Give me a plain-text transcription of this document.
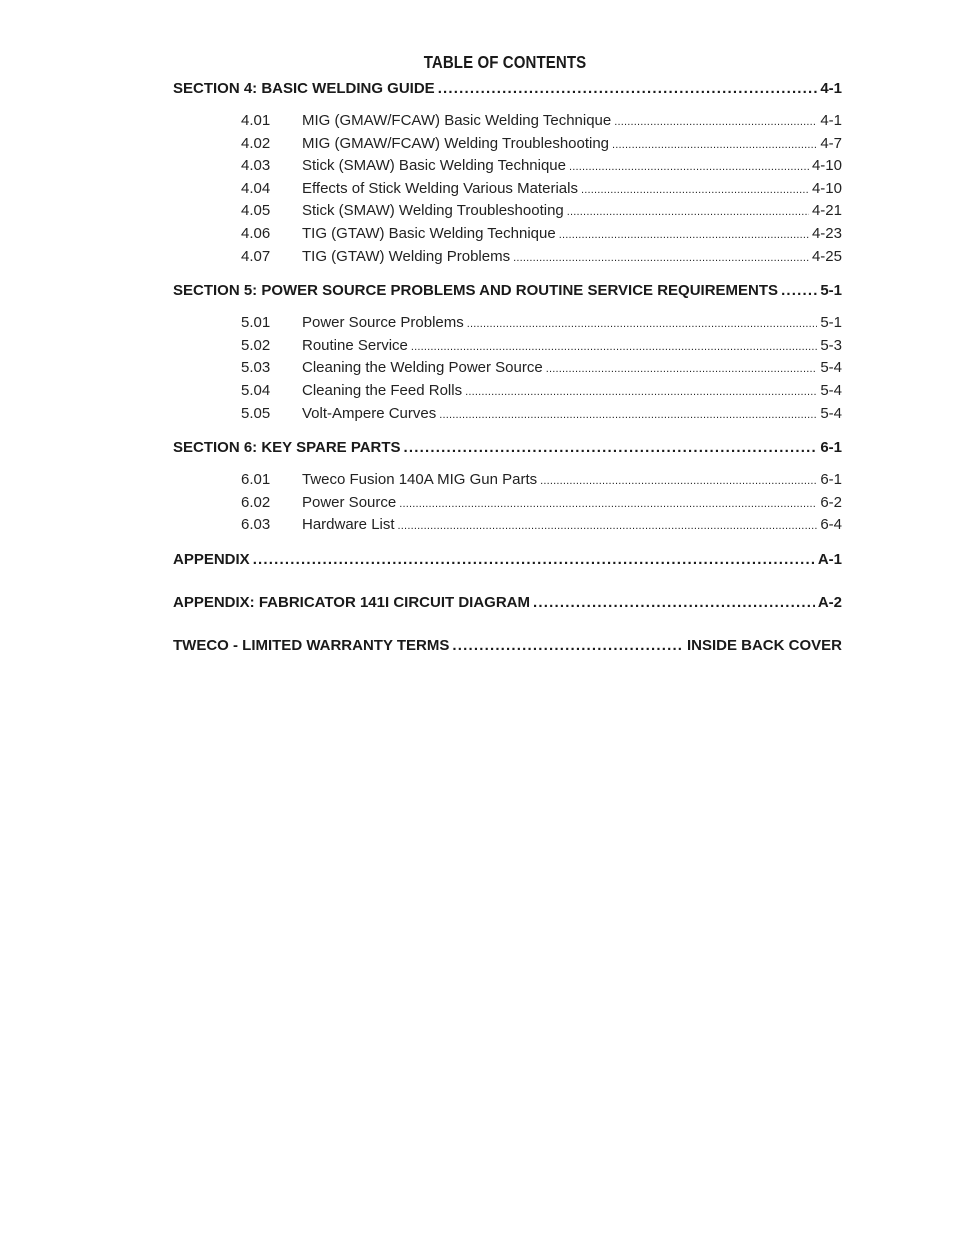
TABLE OF CONTENTS
SECTION 4: BASIC WELDING GUIDE .....	4-1
4.01	MIG (GMAW/FCAW) Basic Welding Technique .....	4-1
4.02	MIG (GMAW/FCAW) Welding Troubleshooting .....	4-7
4.03	Stick (SMAW) Basic Welding Technique .....	4-10
4.04	Effects of Stick Welding Various Materials .....	4-10
4.05	Stick (SMAW) Welding Troubleshooting .....	4-21
4.06	TIG (GTAW) Basic Welding Technique .....	4-23
4.07	TIG (GTAW) Welding Problems .....	4-25
SECTION 5: POWER SOURCE PROBLEMS AND ROUTINE SERVICE REQUIREMENTS .....	5-1
5.01	Power Source Problems .....	5-1
5.02	Routine Service .....	5-3
5.03	Cleaning the Welding Power Source .....	5-4
5.04	Cleaning the Feed Rolls .....	5-4
5.05	Volt-Ampere Curves .....	5-4
SECTION 6: KEY SPARE PARTS .....	6-1
6.01	Tweco Fusion 140A MIG Gun Parts .....	6-1
6.02	Power Source .....	6-2
6.03	Hardware List .....	6-4
APPENDIX .....	A-1
APPENDIX: FABRICATOR 141I CIRCUIT DIAGRAM .....	A-2
TWECO - LIMITED WARRANTY TERMS .....	INSIDE BACK COVER
